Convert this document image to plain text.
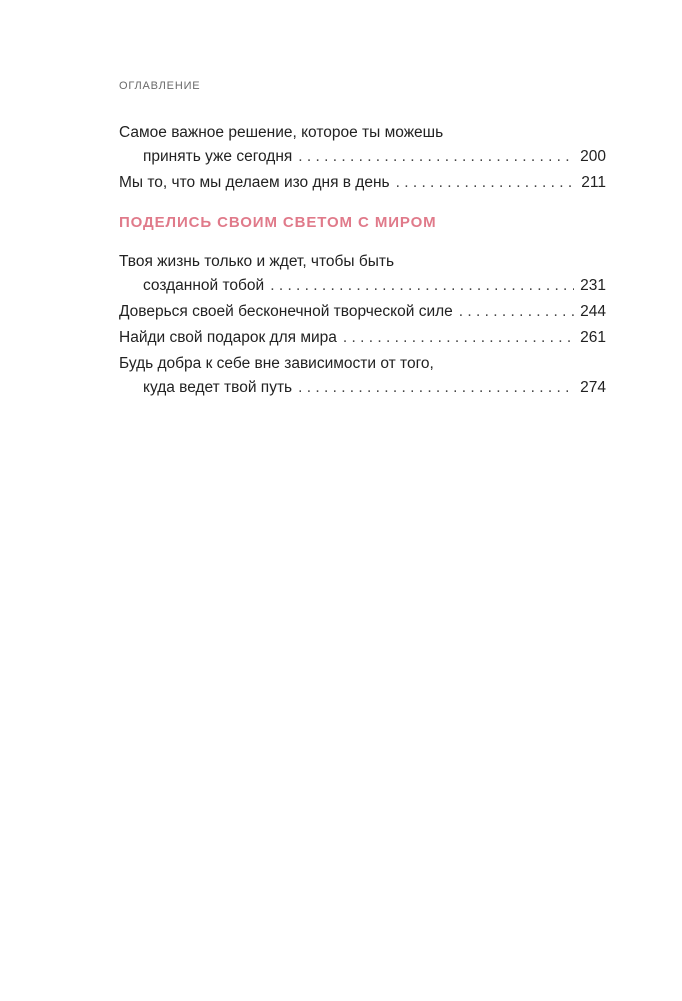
ОГЛАВЛЕНИЕ
Самое важное решение, которое ты можешь
принять уже сегодня . . .	200
Мы то, что мы делаем изо дня в день . . .	211
ПОДЕЛИСЬ СВОИМ СВЕТОМ С МИРОМ
Твоя жизнь только и ждет, чтобы быть
созданной тобой . . .	231
Доверься своей бесконечной творческой силе . . .	244
Найди свой подарок для мира . . .	261
Будь добра к себе вне зависимости от того,
куда ведет твой путь . . .	274
